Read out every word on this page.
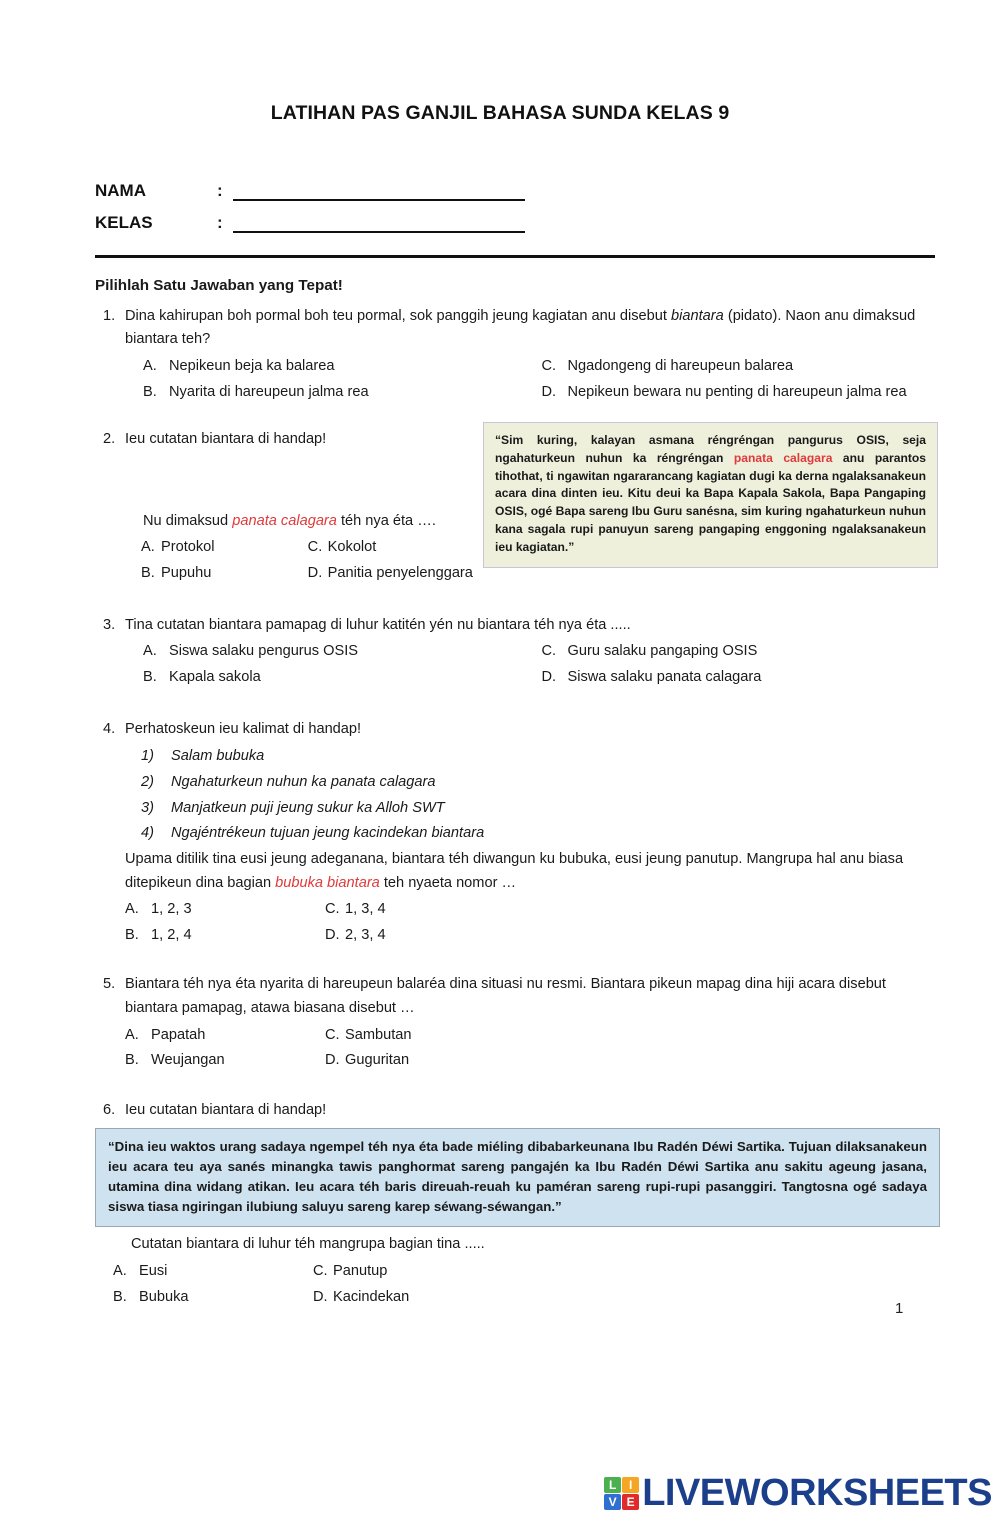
LATIHAN PAS GANJIL BAHASA SUNDA KELAS 9
NAMA	:
KELAS	:
Pilihlah Satu Jawaban yang Tepat!
1. Dina kahirupan boh pormal boh teu pormal, sok panggih jeung kagiatan anu disebut biantara (pidato). Naon anu dimaksud biantara teh?
A. Nepikeun beja ka balarea
B. Nyarita di hareupeun jalma rea
C. Ngadongeng di hareupeun balarea
D. Nepikeun bewara nu penting di hareupeun jalma rea
2. Ieu cutatan biantara di handap!
Nu dimaksud panata calagara téh nya éta ….
A. Protokol
B. Pupuhu
C. Kokolot
D. Panitia penyelenggara
“Sim kuring, kalayan asmana réngréngan pangurus OSIS, seja ngahaturkeun nuhun ka réngréngan panata calagara anu parantos tihothat, ti ngawitan ngararancang kagiatan dugi ka derna ngalaksanakeun acara dina dinten ieu. Kitu deui ka Bapa Kapala Sakola, Bapa Pangaping OSIS, ogé Bapa sareng Ibu Guru sanésna, sim kuring ngahaturkeun nuhun kana sagala rupi panuyun sareng pangaping enggoning ngalaksanakeun ieu kagiatan.”
3. Tina cutatan biantara pamapag di luhur katitén yén nu biantara téh nya éta .....
A. Siswa salaku pengurus OSIS
B. Kapala sakola
C. Guru salaku pangaping OSIS
D. Siswa salaku panata calagara
4. Perhatoskeun ieu kalimat di handap!
1)	Salam bubuka
2)	Ngahaturkeun nuhun ka panata calagara
3)	Manjatkeun puji jeung sukur ka Alloh SWT
4)	Ngajéntrékeun tujuan jeung kacindekan biantara
Upama ditilik tina eusi jeung adeganana, biantara téh diwangun ku bubuka, eusi jeung panutup. Mangrupa hal anu biasa ditepikeun dina bagian bubuka biantara teh nyaeta nomor …
A. 1, 2, 3
B. 1, 2, 4
C. 1, 3, 4
D. 2, 3, 4
5. Biantara téh nya éta nyarita di hareupeun balaréa dina situasi nu resmi. Biantara pikeun mapag dina hiji acara disebut biantara pamapag, atawa biasana disebut …
A. Papatah
B. Weujangan
C. Sambutan
D. Guguritan
6. Ieu cutatan biantara di handap!
“Dina ieu waktos urang sadaya ngempel téh nya éta bade miéling dibabarkeunana Ibu Radén Déwi Sartika. Tujuan dilaksanakeun ieu acara teu aya sanés minangka tawis panghormat sareng pangajén ka Ibu Radén Déwi Sartika anu sakitu ageung jasana, utamina dina widang atikan. Ieu acara téh baris direuah-reuah ku paméran sareng rupi-rupi pasanggiri. Tangtosna ogé sadaya siswa tiasa ngiringan ilubiung saluyu sareng karep séwang-séwangan.”
Cutatan biantara di luhur téh mangrupa bagian tina .....
A. Eusi
B. Bubuka
C. Panutup
D. Kacindekan
1
L	I
V E LIVEWORKSHEETS
